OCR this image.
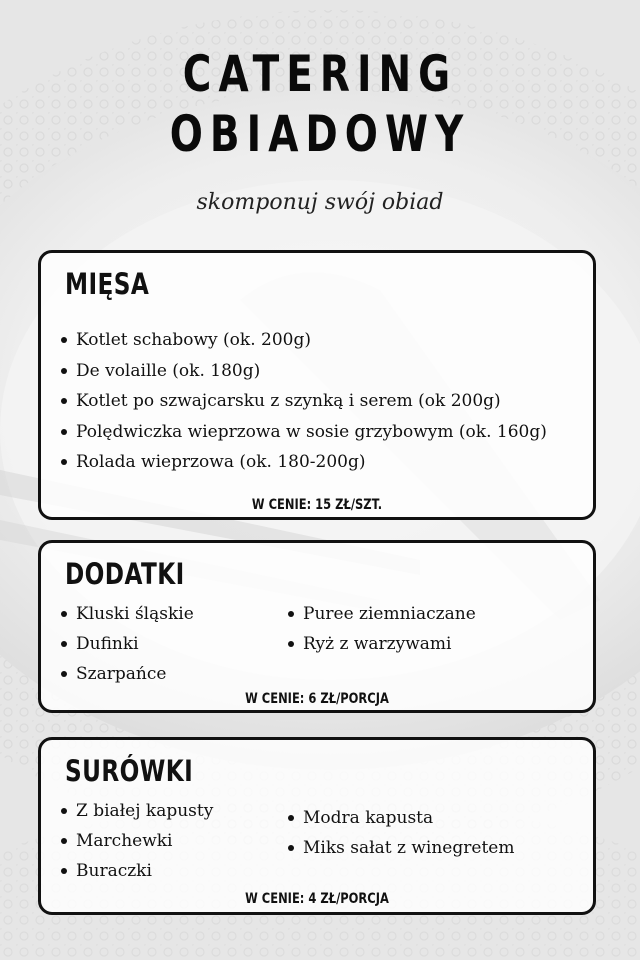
CATERING
OBIADOWY
skomponuj swój obiad
MIĘSA
Kotlet schabowy (ok. 200g)
De volaille (ok. 180g)
Kotlet po szwajcarsku z szynką i serem (ok 200g)
Polędwiczka wieprzowa w sosie grzybowym (ok. 160g)
Rolada wieprzowa (ok. 180-200g)
W CENIE: 15 ZŁ/SZT.
DODATKI
Kluski śląskie
Dufinki
Szarpańce
Puree ziemniaczane
Ryż z warzywami
W CENIE: 6 ZŁ/PORCJA
SURÓWKI
Z białej kapusty
Marchewki
Buraczki
Modra kapusta
Miks sałat z winegretem
W CENIE: 4 ZŁ/PORCJA
